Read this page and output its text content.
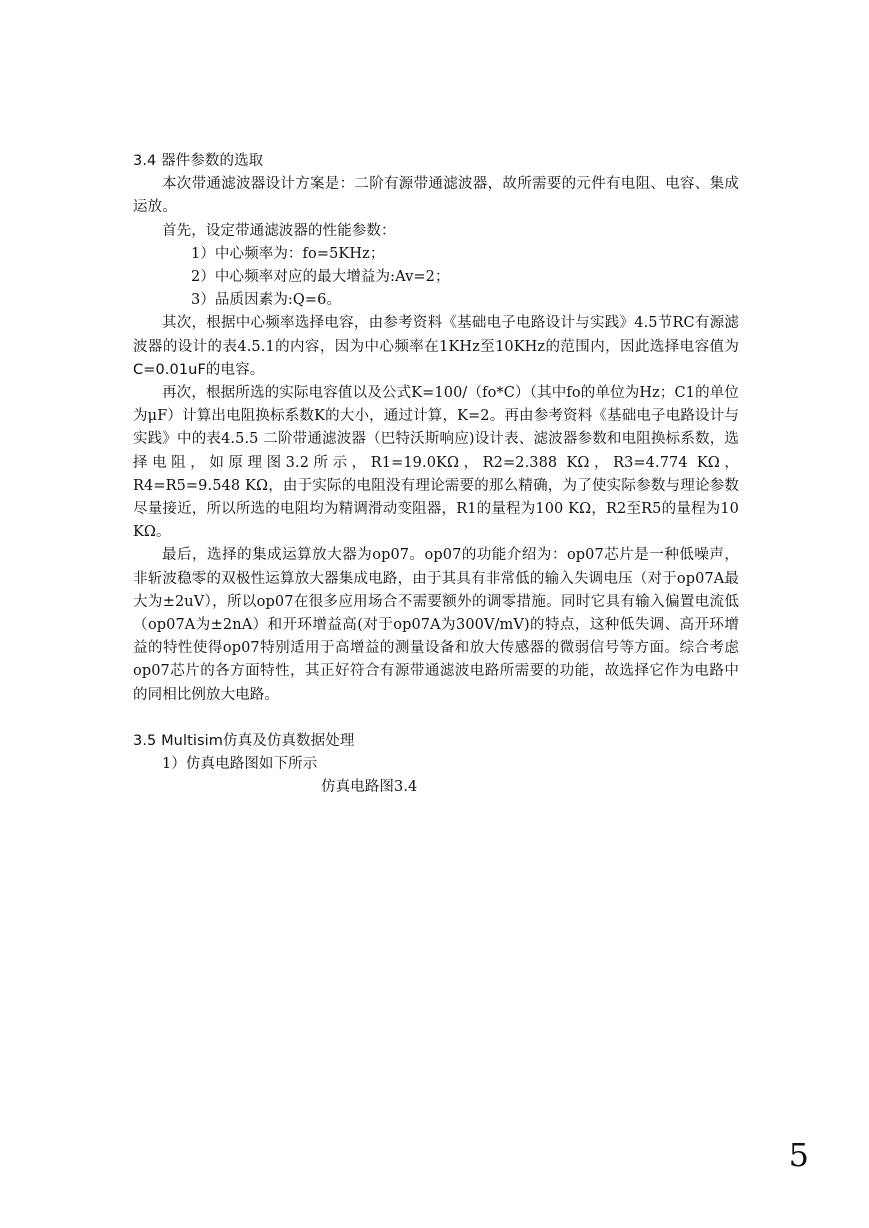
3.4 器件参数的选取

本次带通滤波器设计方案是：二阶有源带通滤波器，故所需要的元件有电阻、电容、集成运放。

首先，设定带通滤波器的性能参数：

1）中心频率为：fo=5KHz；

2）中心频率对应的最大增益为:Av=2；

3）品质因素为:Q=6。

其次，根据中心频率选择电容，由参考资料《基础电子电路设计与实践》4.5节RC有源滤波器的设计的表4.5.1的内容，因为中心频率在1KHz至10KHz的范围内，因此选择电容值为C=0.01uF的电容。

再次，根据所选的实际电容值以及公式K=100/（fo*C）（其中fo的单位为Hz；C1的单位为μF）计算出电阻换标系数K的大小，通过计算，K=2。再由参考资料《基础电子电路设计与实践》中的表4.5.5 二阶带通滤波器（巴特沃斯响应)设计表、滤波器参数和电阻换标系数，选择电阻，如原理图3.2所示，R1=19.0KΩ，R2=2.388 KΩ，R3=4.774 KΩ，R4=R5=9.548 KΩ，由于实际的电阻没有理论需要的那么精确，为了使实际参数与理论参数尽量接近，所以所选的电阻均为精调滑动变阻器，R1的量程为100 KΩ，R2至R5的量程为10 KΩ。

最后，选择的集成运算放大器为op07。op07的功能介绍为：op07芯片是一种低噪声，非斩波稳零的双极性运算放大器集成电路，由于其具有非常低的输入失调电压（对于op07A最大为±2uV），所以op07在很多应用场合不需要额外的调零措施。同时它具有输入偏置电流低（op07A为±2nA）和开环增益高(对于op07A为300V/mV)的特点，这种低失调、高开环增益的特性使得op07特别适用于高增益的测量设备和放大传感器的微弱信号等方面。综合考虑op07芯片的各方面特性，其正好符合有源带通滤波电路所需要的功能，故选择它作为电路中的同相比例放大电路。

3.5 Multisim仿真及仿真数据处理

1）仿真电路图如下所示

仿真电路图3.4

5
